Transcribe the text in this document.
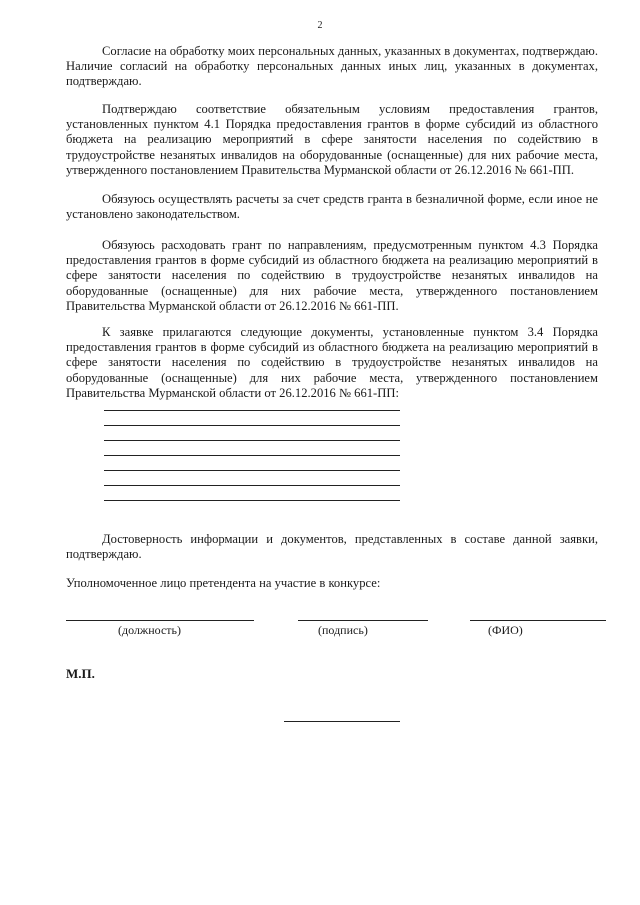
2

Согласие на обработку моих персональных данных, указанных в документах, подтверждаю. Наличие согласий на обработку персональных данных иных лиц, указанных в документах, подтверждаю.

Подтверждаю соответствие обязательным условиям предоставления грантов, установленных пунктом 4.1 Порядка предоставления грантов в форме субсидий из областного бюджета на реализацию мероприятий в сфере занятости населения по содействию в трудоустройстве незанятых инвалидов на оборудованные (оснащенные) для них рабочие места, утвержденного постановлением Правительства Мурманской области от 26.12.2016 № 661-ПП.

Обязуюсь осуществлять расчеты за счет средств гранта в безналичной форме, если иное не установлено законодательством.

Обязуюсь расходовать грант по направлениям, предусмотренным пунктом 4.3 Порядка предоставления грантов в форме субсидий из областного бюджета на реализацию мероприятий в сфере занятости населения по содействию в трудоустройстве незанятых инвалидов на оборудованные (оснащенные) для них рабочие места, утвержденного постановлением Правительства Мурманской области от 26.12.2016 № 661-ПП.

К заявке прилагаются следующие документы, установленные пунктом 3.4 Порядка предоставления грантов в форме субсидий из областного бюджета на реализацию мероприятий в сфере занятости населения по содействию в трудоустройстве незанятых инвалидов на оборудованные (оснащенные) для них рабочие места, утвержденного постановлением Правительства Мурманской области от 26.12.2016 № 661-ПП:

Достоверность информации и документов, представленных в составе данной заявки, подтверждаю.

Уполномоченное лицо претендента на участие в конкурсе:

(должность)	(подпись)	(ФИО)
М.П.
